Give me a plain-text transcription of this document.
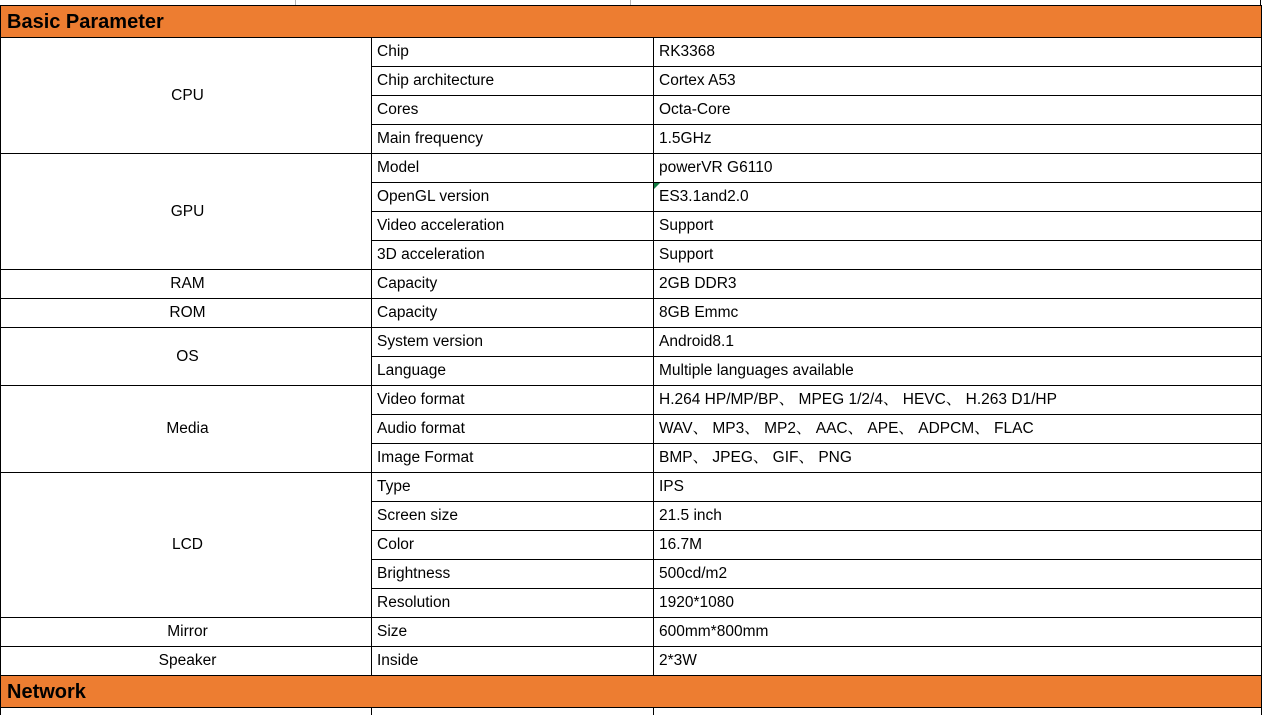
Basic Parameter		
CPU	Chip	RK3368
	Chip architecture	Cortex A53
	Cores	Octa-Core
	Main frequency	1.5GHz
GPU	Model	powerVR G6110
	OpenGL version	ES3.1and2.0
	Video acceleration	Support
	3D acceleration	Support
RAM	Capacity	2GB DDR3
ROM	Capacity	8GB Emmc
OS	System version	Android8.1
	Language	Multiple languages available
Media	Video format	H.264 HP/MP/BP、 MPEG 1/2/4、 HEVC、 H.263 D1/HP
	Audio format	WAV、 MP3、 MP2、 AAC、 APE、 ADPCM、 FLAC
	Image Format	BMP、 JPEG、 GIF、 PNG
LCD	Type	IPS
	Screen size	21.5 inch
	Color	16.7M
	Brightness	500cd/m2
	Resolution	1920*1080
Mirror	Size	600mm*800mm
Speaker	Inside	2*3W
Network		
